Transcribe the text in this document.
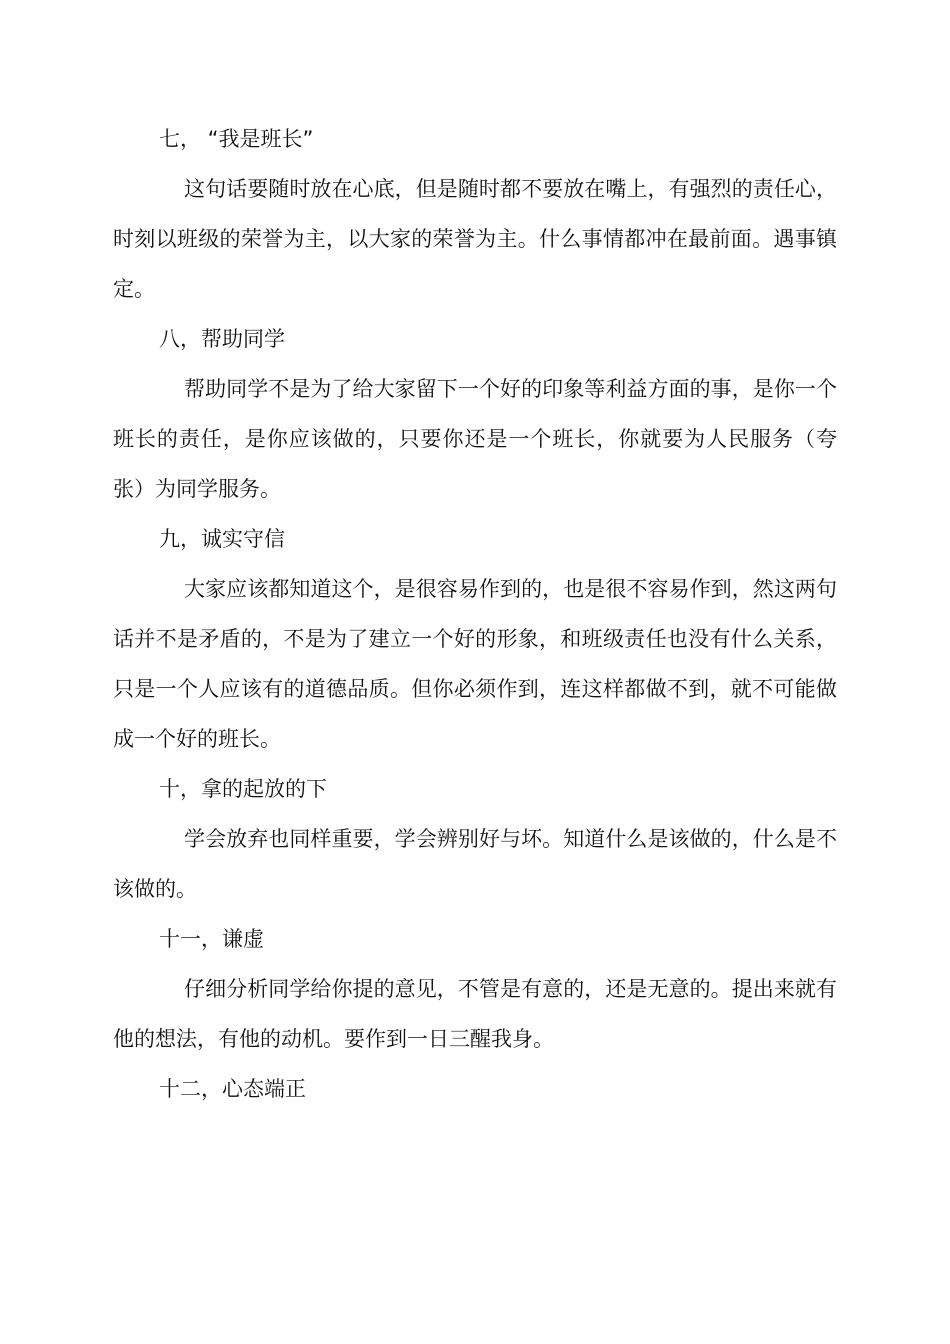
七， “我是班长”

这句话要随时放在心底，但是随时都不要放在嘴上，有强烈的责任心，时刻以班级的荣誉为主，以大家的荣誉为主。什么事情都冲在最前面。遇事镇定。

八，帮助同学

帮助同学不是为了给大家留下一个好的印象等利益方面的事，是你一个班长的责任，是你应该做的，只要你还是一个班长，你就要为人民服务（夸张）为同学服务。

九，诚实守信

大家应该都知道这个，是很容易作到的，也是很不容易作到，然这两句话并不是矛盾的，不是为了建立一个好的形象，和班级责任也没有什么关系，只是一个人应该有的道德品质。但你必须作到，连这样都做不到，就不可能做成一个好的班长。

十，拿的起放的下

学会放弃也同样重要，学会辨别好与坏。知道什么是该做的，什么是不该做的。

十一，谦虚

仔细分析同学给你提的意见，不管是有意的，还是无意的。提出来就有他的想法，有他的动机。要作到一日三醒我身。

十二，心态端正
